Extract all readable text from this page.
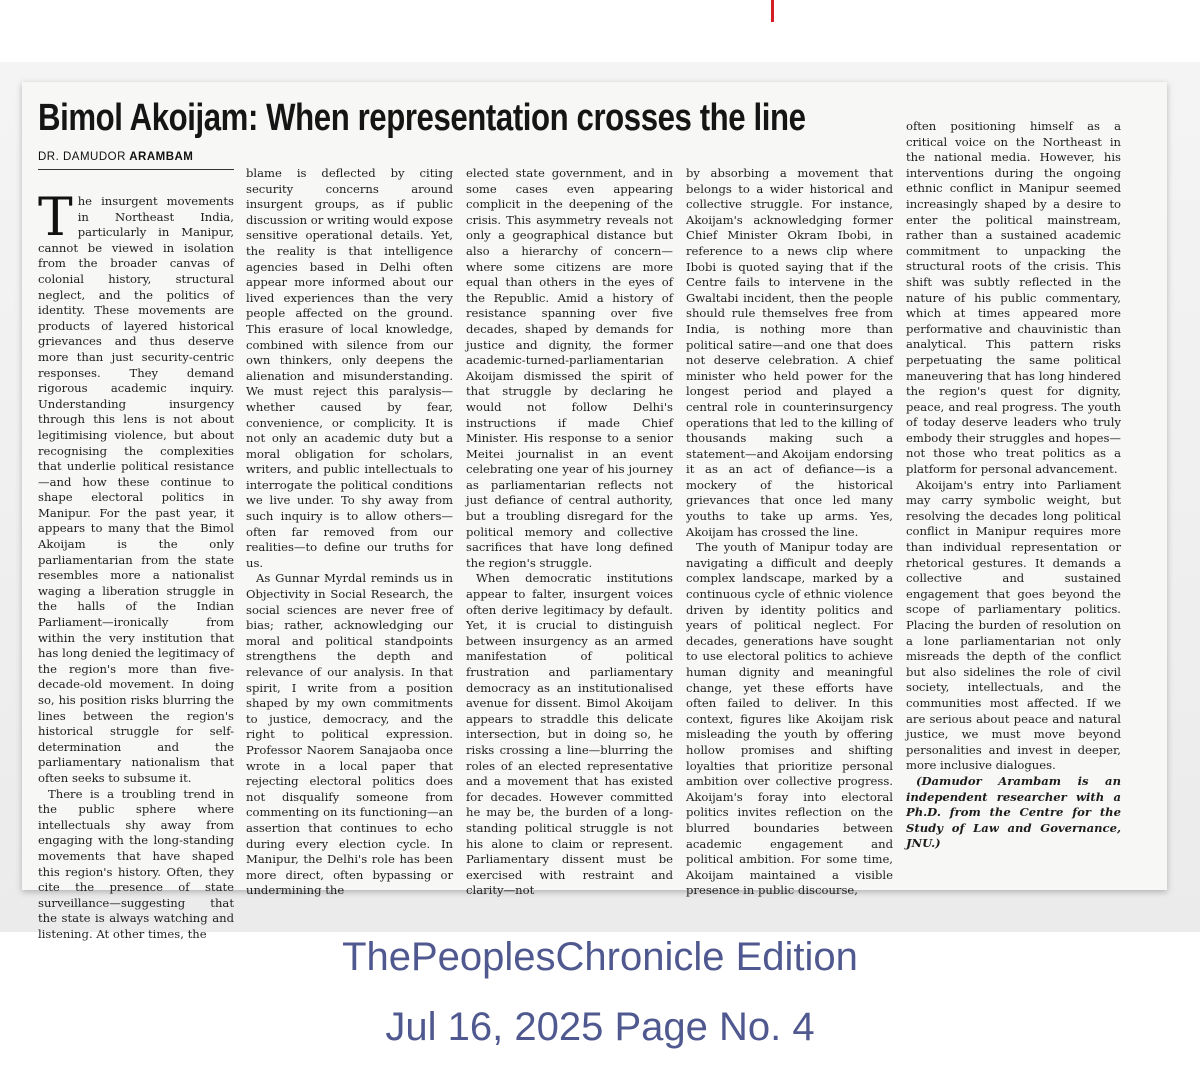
Bimol Akoijam: When representation crosses the line
DR. DAMUDOR ARAMBAM

The insurgent movements in Northeast India, particularly in Manipur, cannot be viewed in isolation from the broader canvas of colonial history, structural neglect, and the politics of identity. These movements are products of layered historical grievances and thus deserve more than just security-centric responses. They demand rigorous academic inquiry. Understanding insurgency through this lens is not about legitimising violence, but about recognising the complexities that underlie political resistance—and how these continue to shape electoral politics in Manipur. For the past year, it appears to many that the Bimol Akoijam is the only parliamentarian from the state resembles more a nationalist waging a liberation struggle in the halls of the Indian Parliament—ironically from within the very institution that has long denied the legitimacy of the region's more than five-decade-old movement. In doing so, his position risks blurring the lines between the region's historical struggle for self-determination and the parliamentary nationalism that often seeks to subsume it.

There is a troubling trend in the public sphere where intellectuals shy away from engaging with the long-standing movements that have shaped this region's history. Often, they cite the presence of state surveillance—suggesting that the state is always watching and listening. At other times, the

blame is deflected by citing security concerns around insurgent groups, as if public discussion or writing would expose sensitive operational details. Yet, the reality is that intelligence agencies based in Delhi often appear more informed about our lived experiences than the very people affected on the ground. This erasure of local knowledge, combined with silence from our own thinkers, only deepens the alienation and misunderstanding. We must reject this paralysis—whether caused by fear, convenience, or complicity. It is not only an academic duty but a moral obligation for scholars, writers, and public intellectuals to interrogate the political conditions we live under. To shy away from such inquiry is to allow others—often far removed from our realities—to define our truths for us.

As Gunnar Myrdal reminds us in Objectivity in Social Research, the social sciences are never free of bias; rather, acknowledging our moral and political standpoints strengthens the depth and relevance of our analysis. In that spirit, I write from a position shaped by my own commitments to justice, democracy, and the right to political expression. Professor Naorem Sanajaoba once wrote in a local paper that rejecting electoral politics does not disqualify someone from commenting on its functioning—an assertion that continues to echo during every election cycle. In Manipur, the Delhi's role has been more direct, often bypassing or undermining the

elected state government, and in some cases even appearing complicit in the deepening of the crisis. This asymmetry reveals not only a geographical distance but also a hierarchy of concern—where some citizens are more equal than others in the eyes of the Republic. Amid a history of resistance spanning over five decades, shaped by demands for justice and dignity, the former academic-turned-parliamentarian Akoijam dismissed the spirit of that struggle by declaring he would not follow Delhi's instructions if made Chief Minister. His response to a senior Meitei journalist in an event celebrating one year of his journey as parliamentarian reflects not just defiance of central authority, but a troubling disregard for the political memory and collective sacrifices that have long defined the region's struggle.

When democratic institutions appear to falter, insurgent voices often derive legitimacy by default. Yet, it is crucial to distinguish between insurgency as an armed manifestation of political frustration and parliamentary democracy as an institutionalised avenue for dissent. Bimol Akoijam appears to straddle this delicate intersection, but in doing so, he risks crossing a line—blurring the roles of an elected representative and a movement that has existed for decades. However committed he may be, the burden of a long-standing political struggle is not his alone to claim or represent. Parliamentary dissent must be exercised with restraint and clarity—not

by absorbing a movement that belongs to a wider historical and collective struggle. For instance, Akoijam's acknowledging former Chief Minister Okram Ibobi, in reference to a news clip where Ibobi is quoted saying that if the Centre fails to intervene in the Gwaltabi incident, then the people should rule themselves free from India, is nothing more than political satire—and one that does not deserve celebration. A chief minister who held power for the longest period and played a central role in counterinsurgency operations that led to the killing of thousands making such a statement—and Akoijam endorsing it as an act of defiance—is a mockery of the historical grievances that once led many youths to take up arms. Yes, Akoijam has crossed the line.

The youth of Manipur today are navigating a difficult and deeply complex landscape, marked by a continuous cycle of ethnic violence driven by identity politics and years of political neglect. For decades, generations have sought to use electoral politics to achieve human dignity and meaningful change, yet these efforts have often failed to deliver. In this context, figures like Akoijam risk misleading the youth by offering hollow promises and shifting loyalties that prioritize personal ambition over collective progress. Akoijam's foray into electoral politics invites reflection on the blurred boundaries between academic engagement and political ambition. For some time, Akoijam maintained a visible presence in public discourse,

often positioning himself as a critical voice on the Northeast in the national media. However, his interventions during the ongoing ethnic conflict in Manipur seemed increasingly shaped by a desire to enter the political mainstream, rather than a sustained academic commitment to unpacking the structural roots of the crisis. This shift was subtly reflected in the nature of his public commentary, which at times appeared more performative and chauvinistic than analytical. This pattern risks perpetuating the same political maneuvering that has long hindered the region's quest for dignity, peace, and real progress. The youth of today deserve leaders who truly embody their struggles and hopes—not those who treat politics as a platform for personal advancement.

Akoijam's entry into Parliament may carry symbolic weight, but resolving the decades long political conflict in Manipur requires more than individual representation or rhetorical gestures. It demands a collective and sustained engagement that goes beyond the scope of parliamentary politics. Placing the burden of resolution on a lone parliamentarian not only misreads the depth of the conflict but also sidelines the role of civil society, intellectuals, and the communities most affected. If we are serious about peace and natural justice, we must move beyond personalities and invest in deeper, more inclusive dialogues.

(Damudor Arambam is an independent researcher with a Ph.D. from the Centre for the Study of Law and Governance, JNU.)

ThePeoplesChronicle Edition
Jul 16, 2025 Page No. 4
